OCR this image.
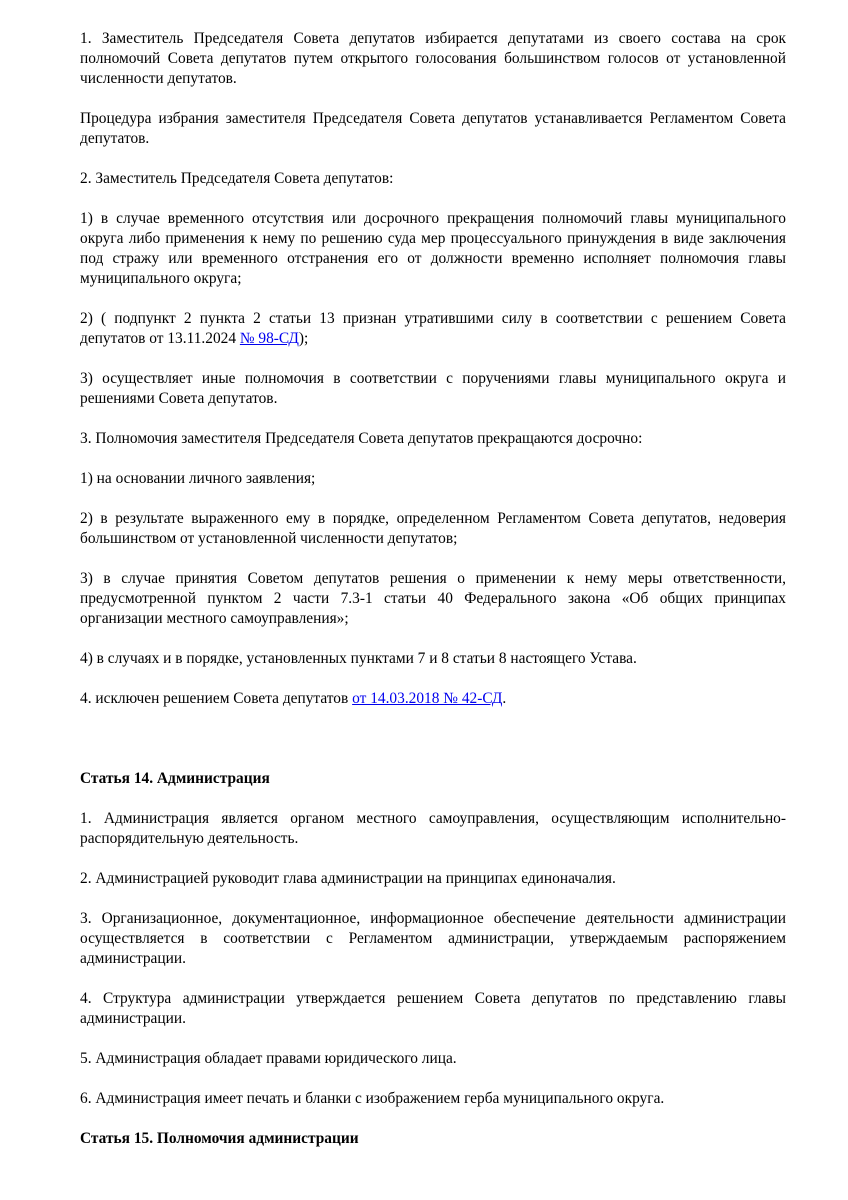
1. Заместитель Председателя Совета депутатов избирается депутатами из своего состава на срок полномочий Совета депутатов путем открытого голосования большинством голосов от установленной численности депутатов.

Процедура избрания заместителя Председателя Совета депутатов устанавливается Регламентом Совета депутатов.

2. Заместитель Председателя Совета депутатов:

1) в случае временного отсутствия или досрочного прекращения полномочий главы муниципального округа либо применения к нему по решению суда мер процессуального принуждения в виде заключения под стражу или временного отстранения его от должности временно исполняет полномочия главы муниципального округа;

2) ( подпункт 2 пункта 2 статьи 13 признан утратившими силу в соответствии с решением Совета депутатов от 13.11.2024 № 98-СД);

3) осуществляет иные полномочия в соответствии с поручениями главы муниципального округа и решениями Совета депутатов.

3. Полномочия заместителя Председателя Совета депутатов прекращаются досрочно:

1) на основании личного заявления;

2) в результате выраженного ему в порядке, определенном Регламентом Совета депутатов, недоверия большинством от установленной численности депутатов;

3) в случае принятия Советом депутатов решения о применении к нему меры ответственности, предусмотренной пунктом 2 части 7.3-1 статьи 40 Федерального закона «Об общих принципах организации местного самоуправления»;

4) в случаях и в порядке, установленных пунктами 7 и 8 статьи 8 настоящего Устава.

4. исключен решением Совета депутатов от 14.03.2018 № 42-СД.

Статья 14. Администрация

1. Администрация является органом местного самоуправления, осуществляющим исполнительно-распорядительную деятельность.

2. Администрацией руководит глава администрации на принципах единоначалия.

3. Организационное, документационное, информационное обеспечение деятельности администрации осуществляется в соответствии с Регламентом администрации, утверждаемым распоряжением администрации.

4. Структура администрации утверждается решением Совета депутатов по представлению главы администрации.

5. Администрация обладает правами юридического лица.

6. Администрация имеет печать и бланки с изображением герба муниципального округа.

Статья 15. Полномочия администрации
